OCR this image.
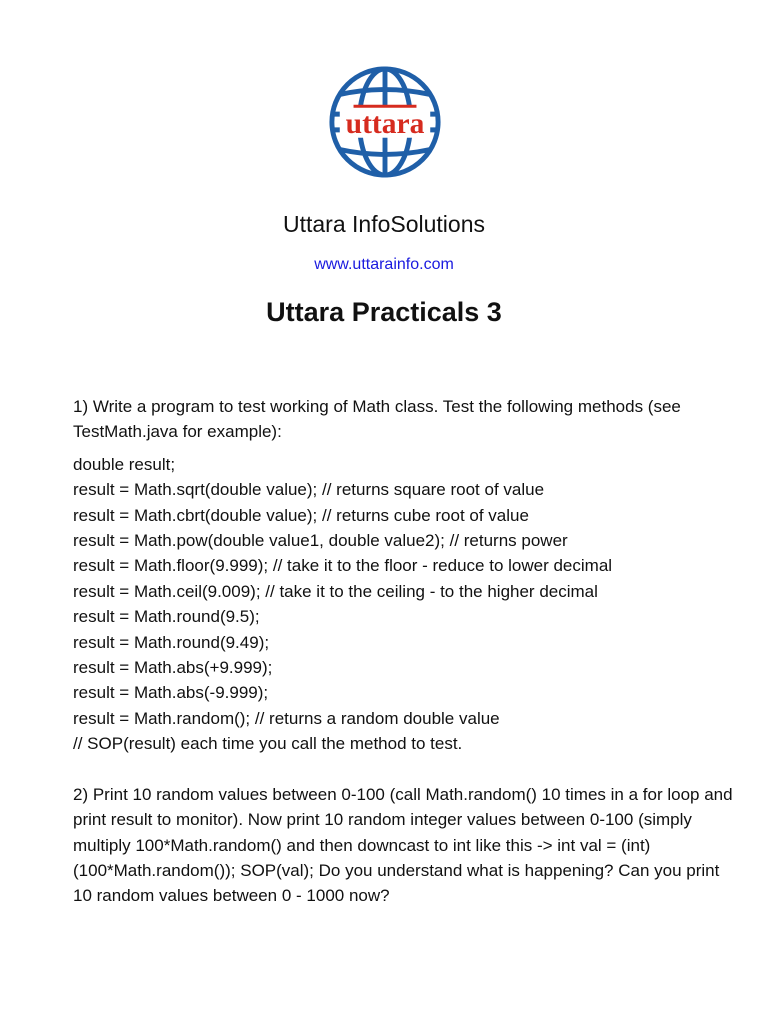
uttara
Uttara InfoSolutions
www.uttarainfo.com
Uttara Practicals 3

1) Write a program to test working of Math class. Test the following methods (see TestMath.java for example):

double result;
result = Math.sqrt(double value); // returns square root of value
result = Math.cbrt(double value); // returns cube root of value
result = Math.pow(double value1, double value2); // returns power
result = Math.floor(9.999); // take it to the floor - reduce to lower decimal
result = Math.ceil(9.009); // take it to the ceiling - to the higher decimal
result = Math.round(9.5);
result = Math.round(9.49);
result = Math.abs(+9.999);
result = Math.abs(-9.999);
result = Math.random(); // returns a random double value
// SOP(result) each time you call the method to test.

2) Print 10 random values between 0-100 (call Math.random() 10 times in a for loop and print result to monitor). Now print 10 random integer values between 0-100 (simply multiply 100*Math.random() and then downcast to int like this -> int val = (int) (100*Math.random()); SOP(val); Do you understand what is happening? Can you print 10 random values between 0 - 1000 now?
